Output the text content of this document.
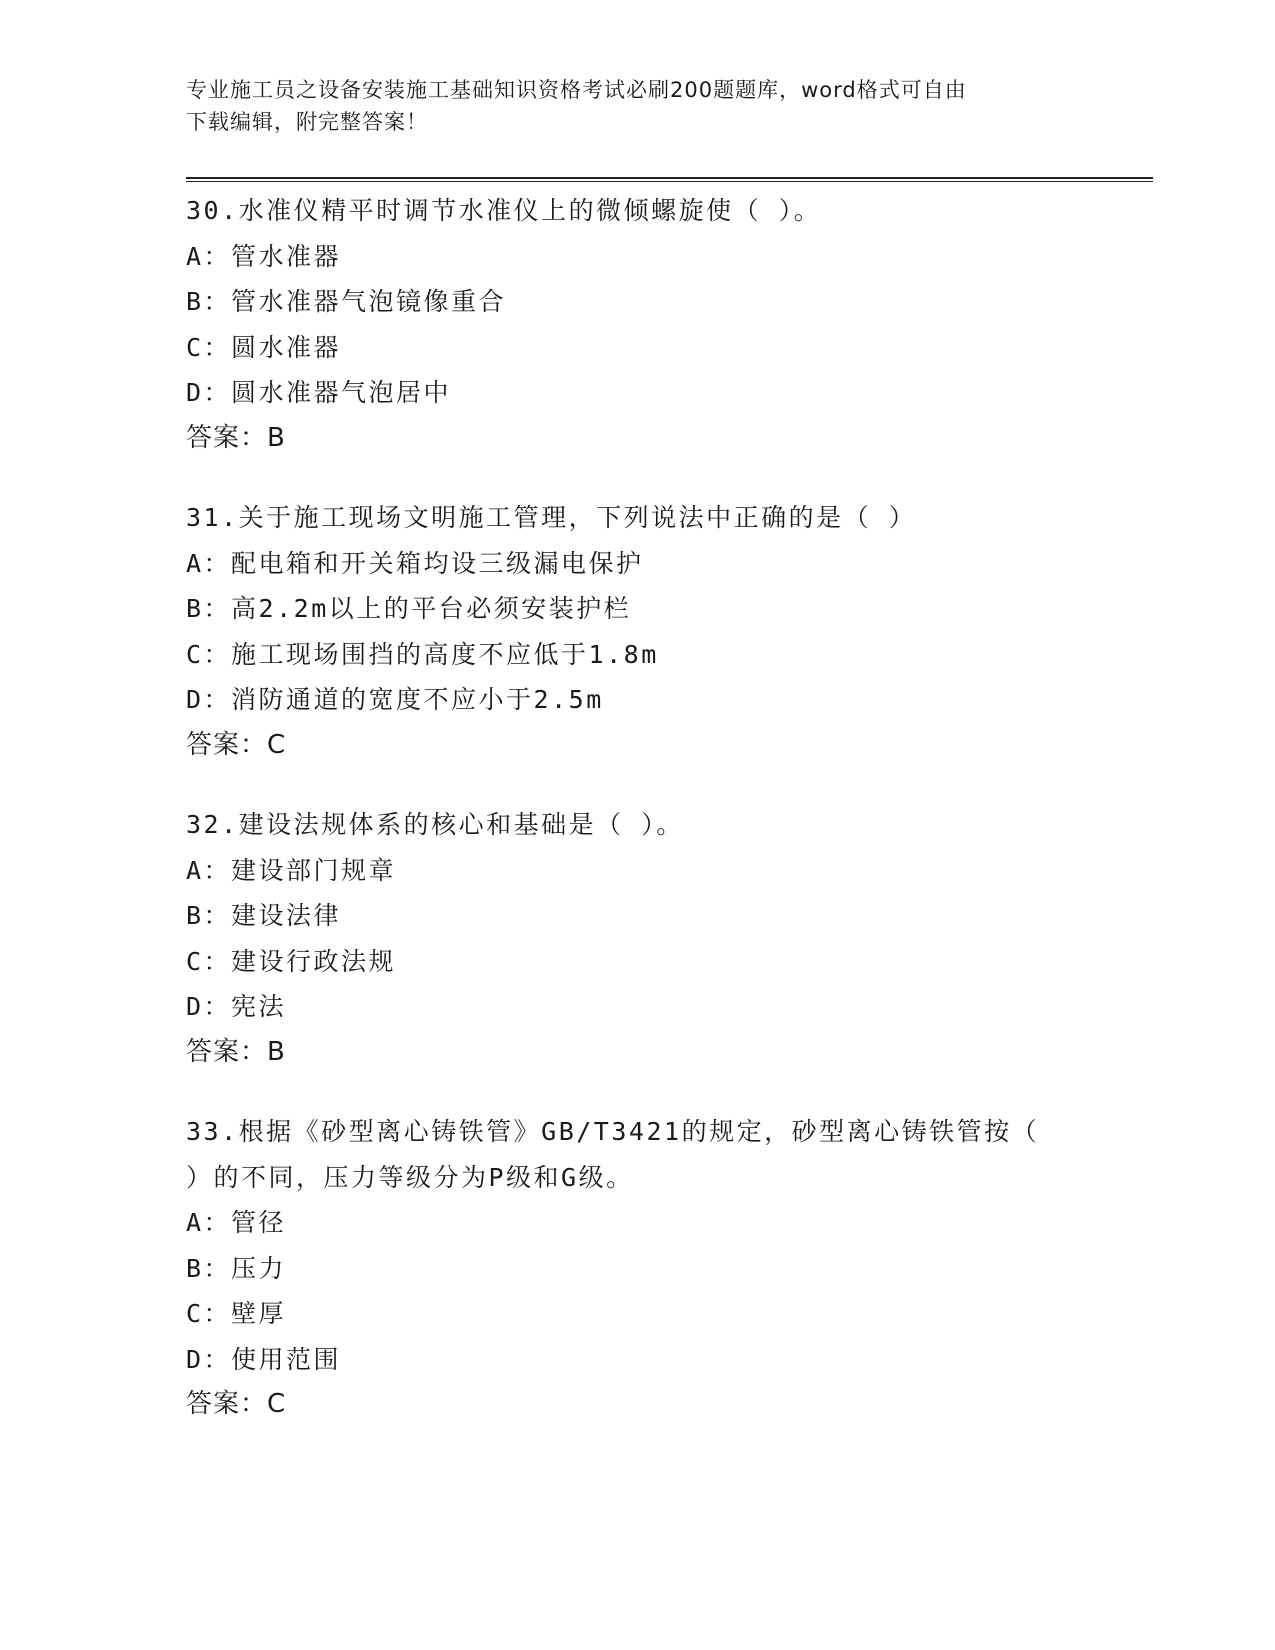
专业施工员之设备安装施工基础知识资格考试必刷200题题库，word格式可自由
下载编辑，附完整答案！
30.水准仪精平时调节水准仪上的微倾螺旋使（ ）。
A：管水准器
B：管水准器气泡镜像重合
C：圆水准器
D：圆水准器气泡居中
答案：B
31.关于施工现场文明施工管理，下列说法中正确的是（ ）
A：配电箱和开关箱均设三级漏电保护
B：高2.2m以上的平台必须安装护栏
C：施工现场围挡的高度不应低于1.8m
D：消防通道的宽度不应小于2.5m
答案：C
32.建设法规体系的核心和基础是（ ）。
A：建设部门规章
B：建设法律
C：建设行政法规
D：宪法
答案：B
33.根据《砂型离心铸铁管》GB/T3421的规定，砂型离心铸铁管按（
）的不同，压力等级分为P级和G级。
A：管径
B：压力
C：壁厚
D：使用范围
答案：C
